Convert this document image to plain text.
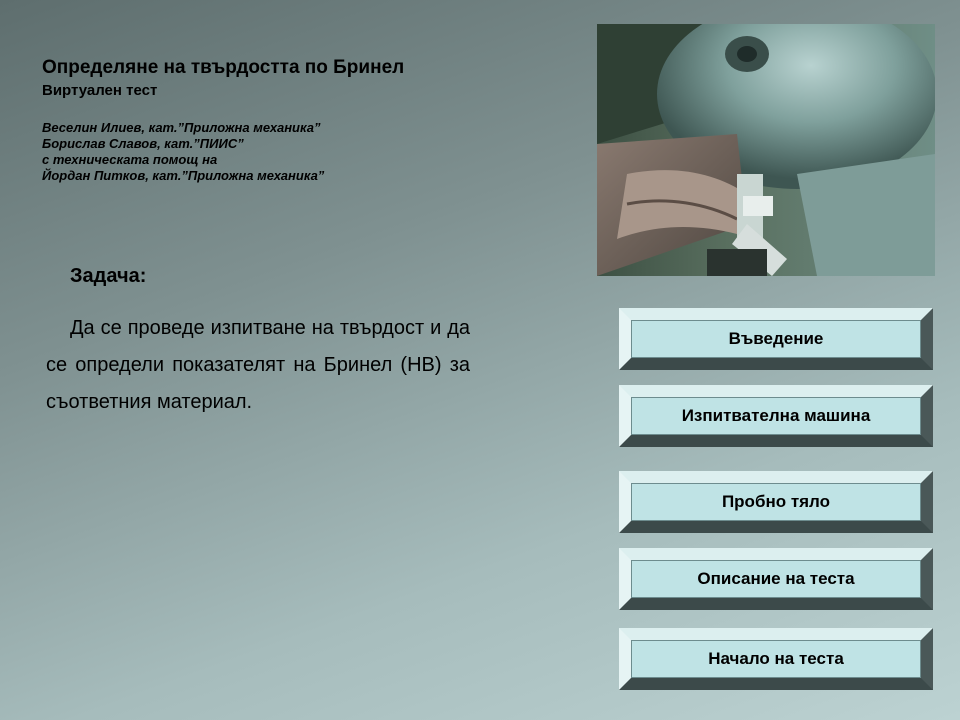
Определяне на твърдостта по Бринел
Виртуален тест
Веселин Илиев, кат.”Приложна механика”
Борислав Славов, кат.”ПИИС”
с техническата помощ на
Йордан Питков, кат.”Приложна механика”
Задача:

Да се проведе изпитване на твърдост и да се определи показателят на Бринел (НВ) за съответния материал.

Въведение
Изпитвателна машина
Пробно тяло
Описание на теста
Начало на теста
